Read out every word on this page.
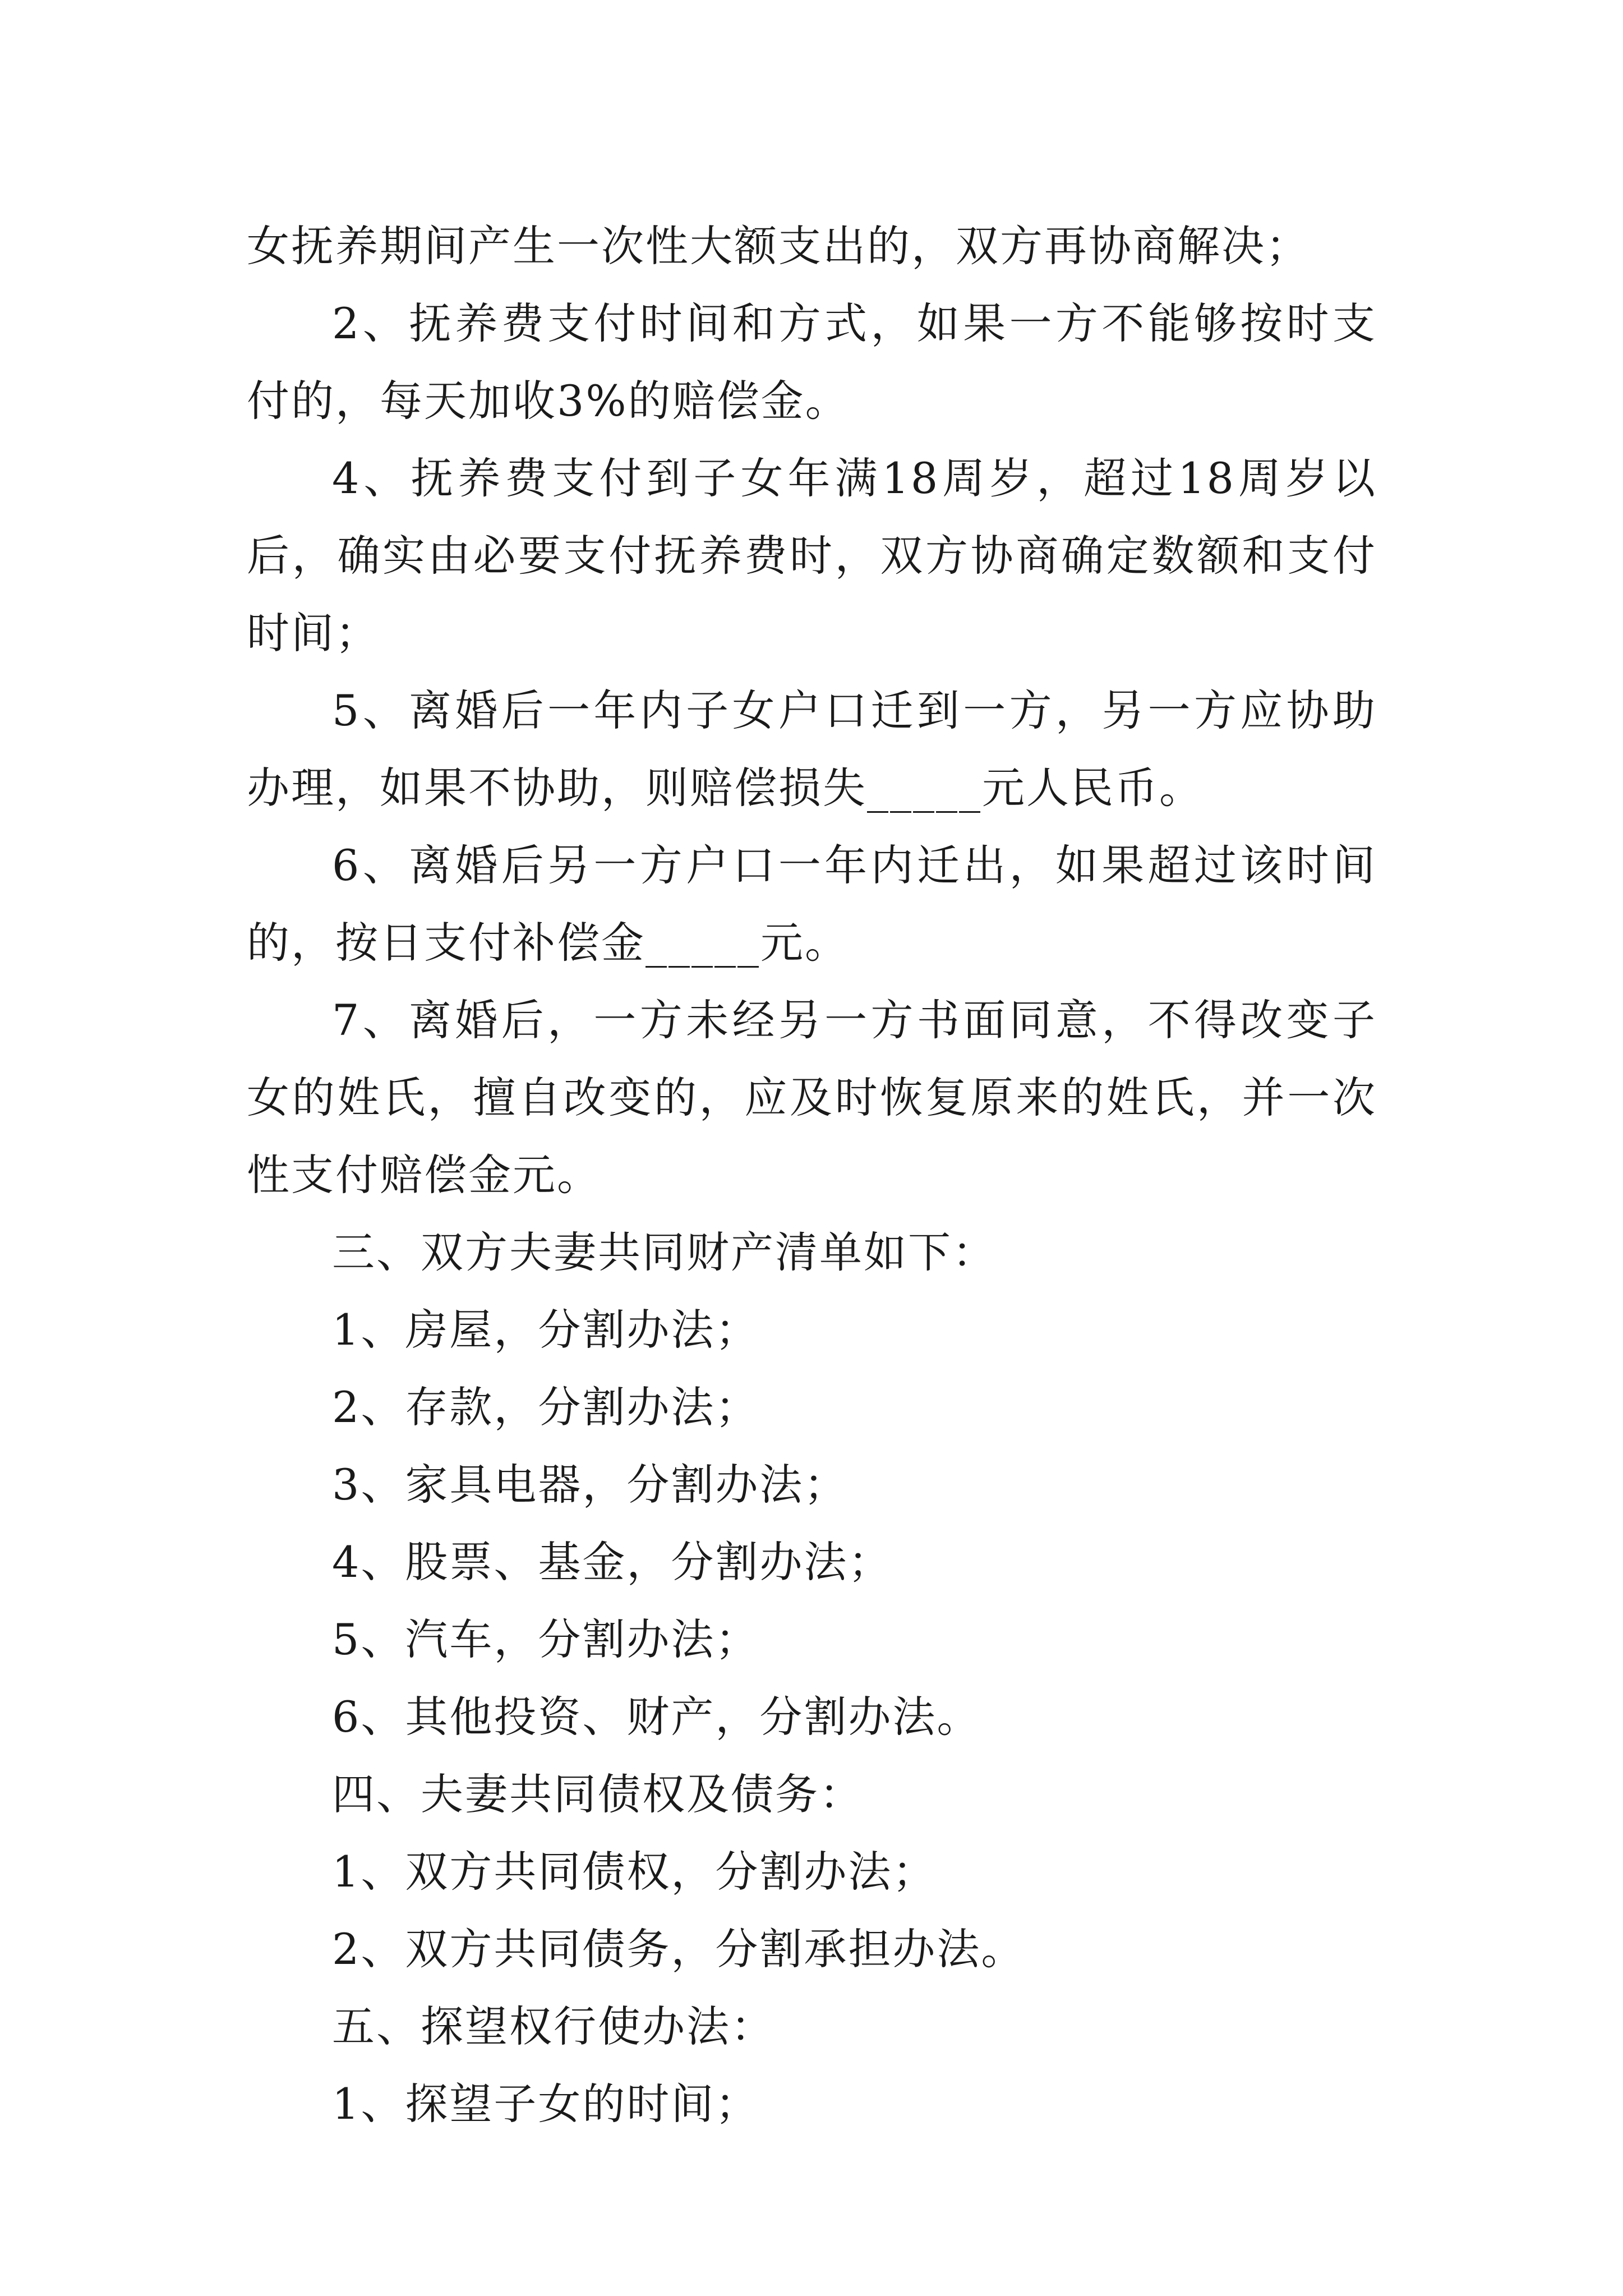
女抚养期间产生一次性大额支出的，双方再协商解决；

2、抚养费支付时间和方式，如果一方不能够按时支付的，每天加收3%的赔偿金。

4、抚养费支付到子女年满18周岁，超过18周岁以后，确实由必要支付抚养费时，双方协商确定数额和支付时间；

5、离婚后一年内子女户口迁到一方，另一方应协助办理，如果不协助，则赔偿损失_____元人民币。

6、离婚后另一方户口一年内迁出，如果超过该时间的，按日支付补偿金_____元。

7、离婚后，一方未经另一方书面同意，不得改变子女的姓氏，擅自改变的，应及时恢复原来的姓氏，并一次性支付赔偿金元。

三、双方夫妻共同财产清单如下：

1、房屋，分割办法；

2、存款，分割办法；

3、家具电器，分割办法；

4、股票、基金，分割办法；

5、汽车，分割办法；

6、其他投资、财产，分割办法。

四、夫妻共同债权及债务：

1、双方共同债权，分割办法；

2、双方共同债务，分割承担办法。

五、探望权行使办法：

1、探望子女的时间；
